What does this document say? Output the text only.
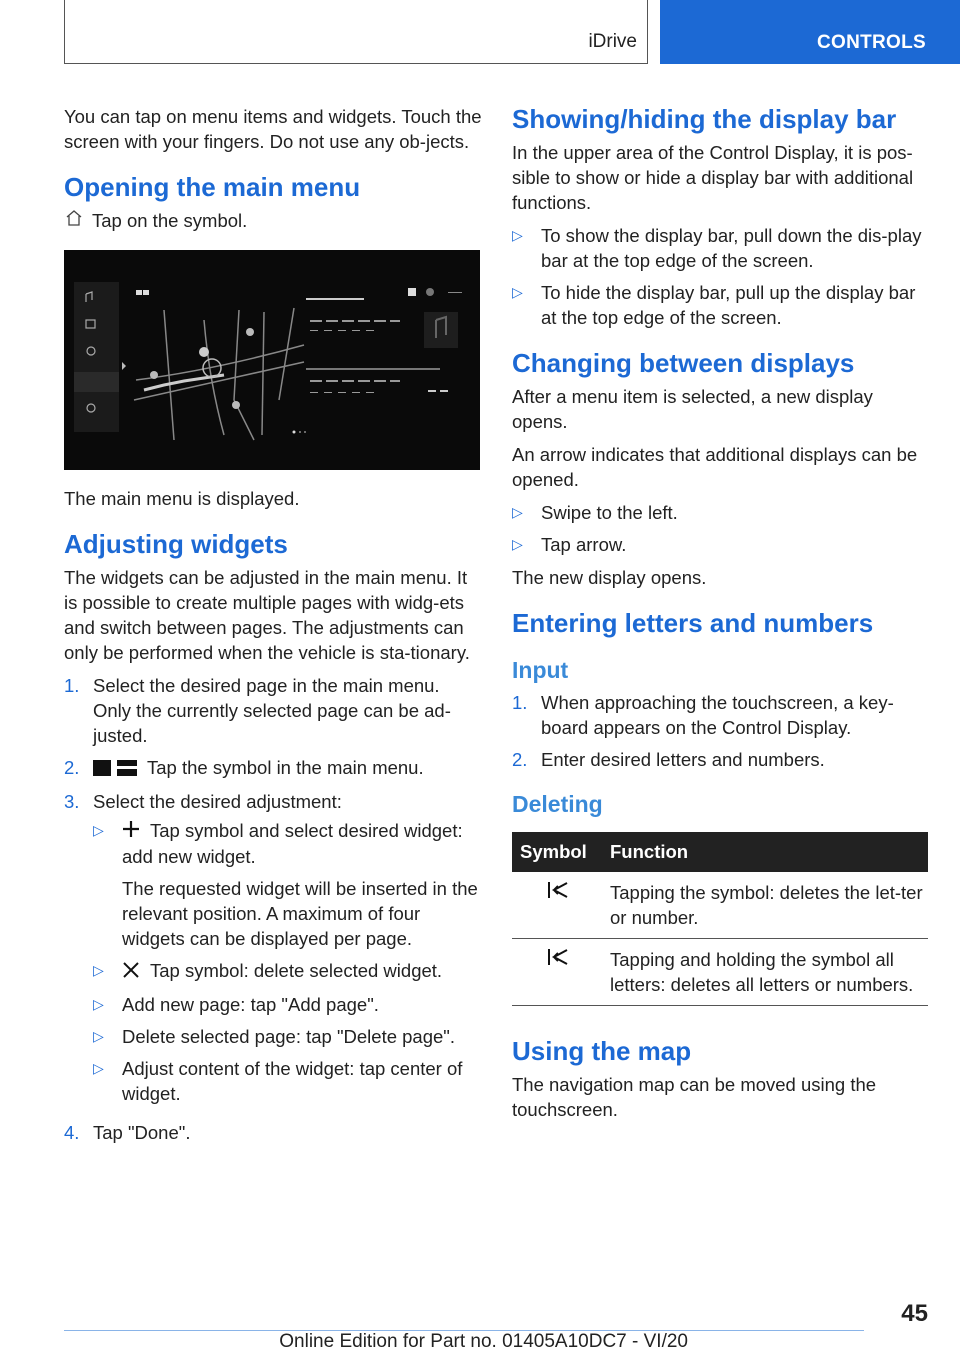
iDrive	CONTROLS

You can tap on menu items and widgets. Touch the screen with your fingers. Do not use any ob-jects.

Opening the main menu
Tap on the symbol.

The main menu is displayed.

Adjusting widgets

The widgets can be adjusted in the main menu. It is possible to create multiple pages with widg-ets and switch between pages. The adjustments can only be performed when the vehicle is sta-tionary.

1. Select the desired page in the main menu.
Only the currently selected page can be ad-justed.
2.	Tap the symbol in the main menu.
3. Select the desired adjustment:
▷	Tap symbol and select desired widget: add new widget.
The requested widget will be inserted in the relevant position. A maximum of four widgets can be displayed per page.
▷	Tap symbol: delete selected widget.
▷ Add new page: tap "Add page".
▷ Delete selected page: tap "Delete page".
▷ Adjust content of the widget: tap center of widget.
4. Tap "Done".
Showing/hiding the display bar

In the upper area of the Control Display, it is pos-sible to show or hide a display bar with additional functions.

▷ To show the display bar, pull down the dis-play bar at the top edge of the screen.
▷ To hide the display bar, pull up the display bar at the top edge of the screen.
Changing between displays

After a menu item is selected, a new display opens.

An arrow indicates that additional displays can be opened.

▷ Swipe to the left.
▷ Tap arrow.

The new display opens.

Entering letters and numbers
Input
1. When approaching the touchscreen, a key-board appears on the Control Display.
2. Enter desired letters and numbers.
Deleting
Symbol	Function
	Tapping the symbol: deletes the let-ter or number.
	Tapping and holding the symbol all letters: deletes all letters or numbers.
Using the map

The navigation map can be moved using the touchscreen.

45
Online Edition for Part no. 01405A10DC7 - VI/20
